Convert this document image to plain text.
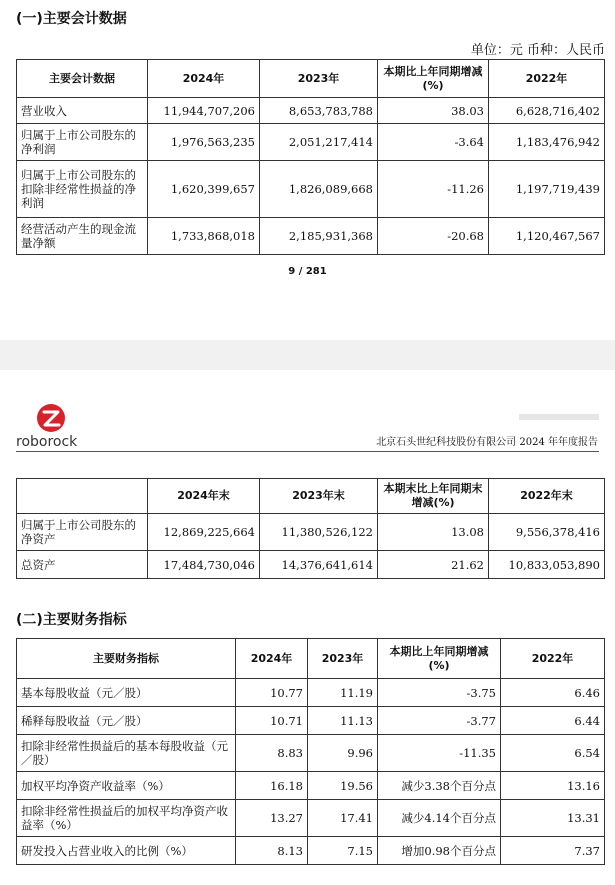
(一)主要会计数据
单位：元 币种：人民币
主要会计数据	2024年	2023年	本期比上年同期增减(%)	2022年
营业收入	11,944,707,206	8,653,783,788	38.03	6,628,716,402
归属于上市公司股东的净利润	1,976,563,235	2,051,217,414	-3.64	1,183,476,942
归属于上市公司股东的扣除非经常性损益的净利润	1,620,399,657	1,826,089,668	-11.26	1,197,719,439
经营活动产生的现金流量净额	1,733,868,018	2,185,931,368	-20.68	1,120,467,567
9 / 281
roborock	北京石头世纪科技股份有限公司 2024 年年度报告
	2024年末	2023年末	本期末比上年同期末增减(%)	2022年末
归属于上市公司股东的净资产	12,869,225,664	11,380,526,122	13.08	9,556,378,416
总资产	17,484,730,046	14,376,641,614	21.62	10,833,053,890
(二)主要财务指标
主要财务指标	2024年	2023年	本期比上年同期增减(%)	2022年
基本每股收益（元／股）	10.77	11.19	-3.75	6.46
稀释每股收益（元／股）	10.71	11.13	-3.77	6.44
扣除非经常性损益后的基本每股收益（元／股）	8.83	9.96	-11.35	6.54
加权平均净资产收益率（%）	16.18	19.56	减少3.38个百分点	13.16
扣除非经常性损益后的加权平均净资产收益率（%）	13.27	17.41	减少4.14个百分点	13.31
研发投入占营业收入的比例（%）	8.13	7.15	增加0.98个百分点	7.37
